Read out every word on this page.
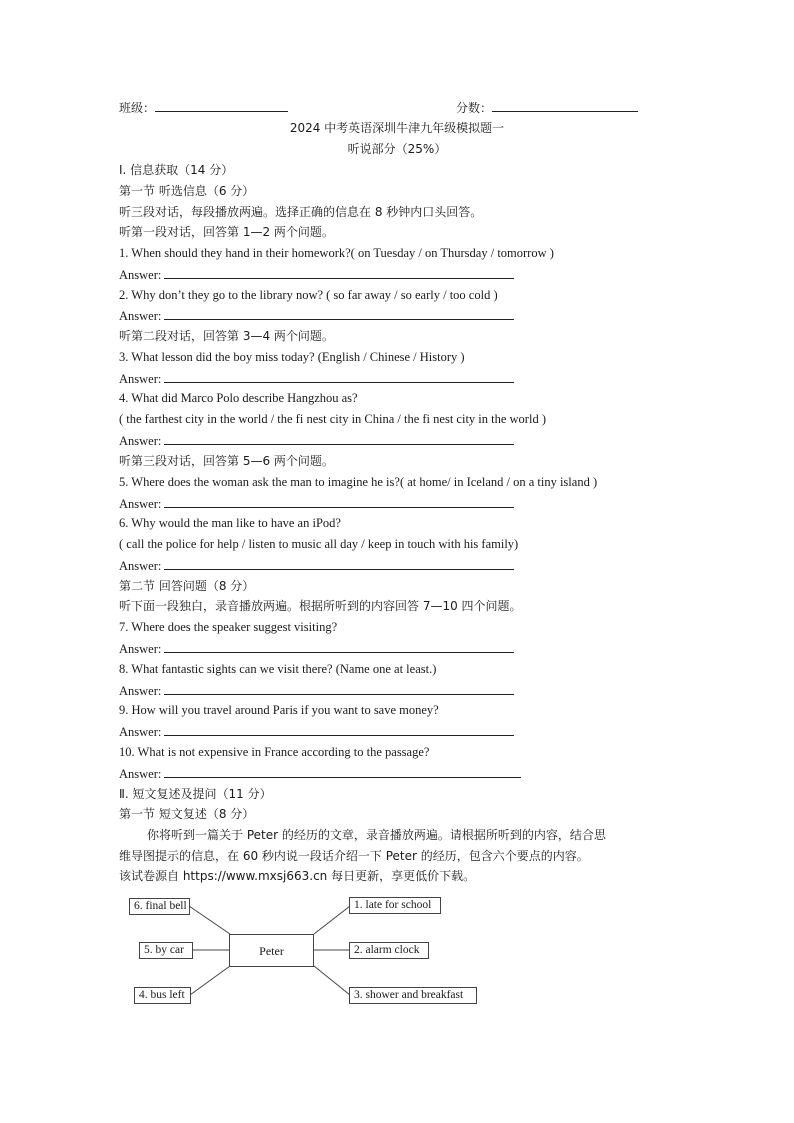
班级：	分数：
2024 中考英语深圳牛津九年级模拟题一
听说部分（25%）
Ⅰ. 信息获取（14 分）
第一节 听选信息（6 分）
听三段对话，每段播放两遍。选择正确的信息在 8 秒钟内口头回答。
听第一段对话，回答第 1—2 两个问题。
1. When should they hand in their homework?( on Tuesday / on Thursday / tomorrow )
Answer:
2. Why don’t they go to the library now? ( so far away / so early / too cold )
Answer:
听第二段对话，回答第 3—4 两个问题。
3. What lesson did the boy miss today? (English / Chinese / History )
Answer:
4. What did Marco Polo describe Hangzhou as?
( the farthest city in the world / the fi nest city in China / the fi nest city in the world )
Answer:
听第三段对话，回答第 5—6 两个问题。
5. Where does the woman ask the man to imagine he is?( at home/ in Iceland / on a tiny island )
Answer:
6. Why would the man like to have an iPod?
( call the police for help / listen to music all day / keep in touch with his family)
Answer:
第二节 回答问题（8 分）
听下面一段独白，录音播放两遍。根据所听到的内容回答 7—10 四个问题。
7. Where does the speaker suggest visiting?
Answer:
8. What fantastic sights can we visit there? (Name one at least.)
Answer:
9. How will you travel around Paris if you want to save money?
Answer:
10. What is not expensive in France according to the passage?
Answer:
Ⅱ. 短文复述及提问（11 分）
第一节 短文复述（8 分）
你将听到一篇关于 Peter 的经历的文章，录音播放两遍。请根据所听到的内容，结合思
维导图提示的信息，在 60 秒内说一段话介绍一下 Peter 的经历，包含六个要点的内容。
该试卷源自 https://www.mxsj663.cn 每日更新，享更低价下载。
Peter
6. final bell
5. by car
4. bus left
1. late for school
2. alarm clock
3. shower and breakfast
